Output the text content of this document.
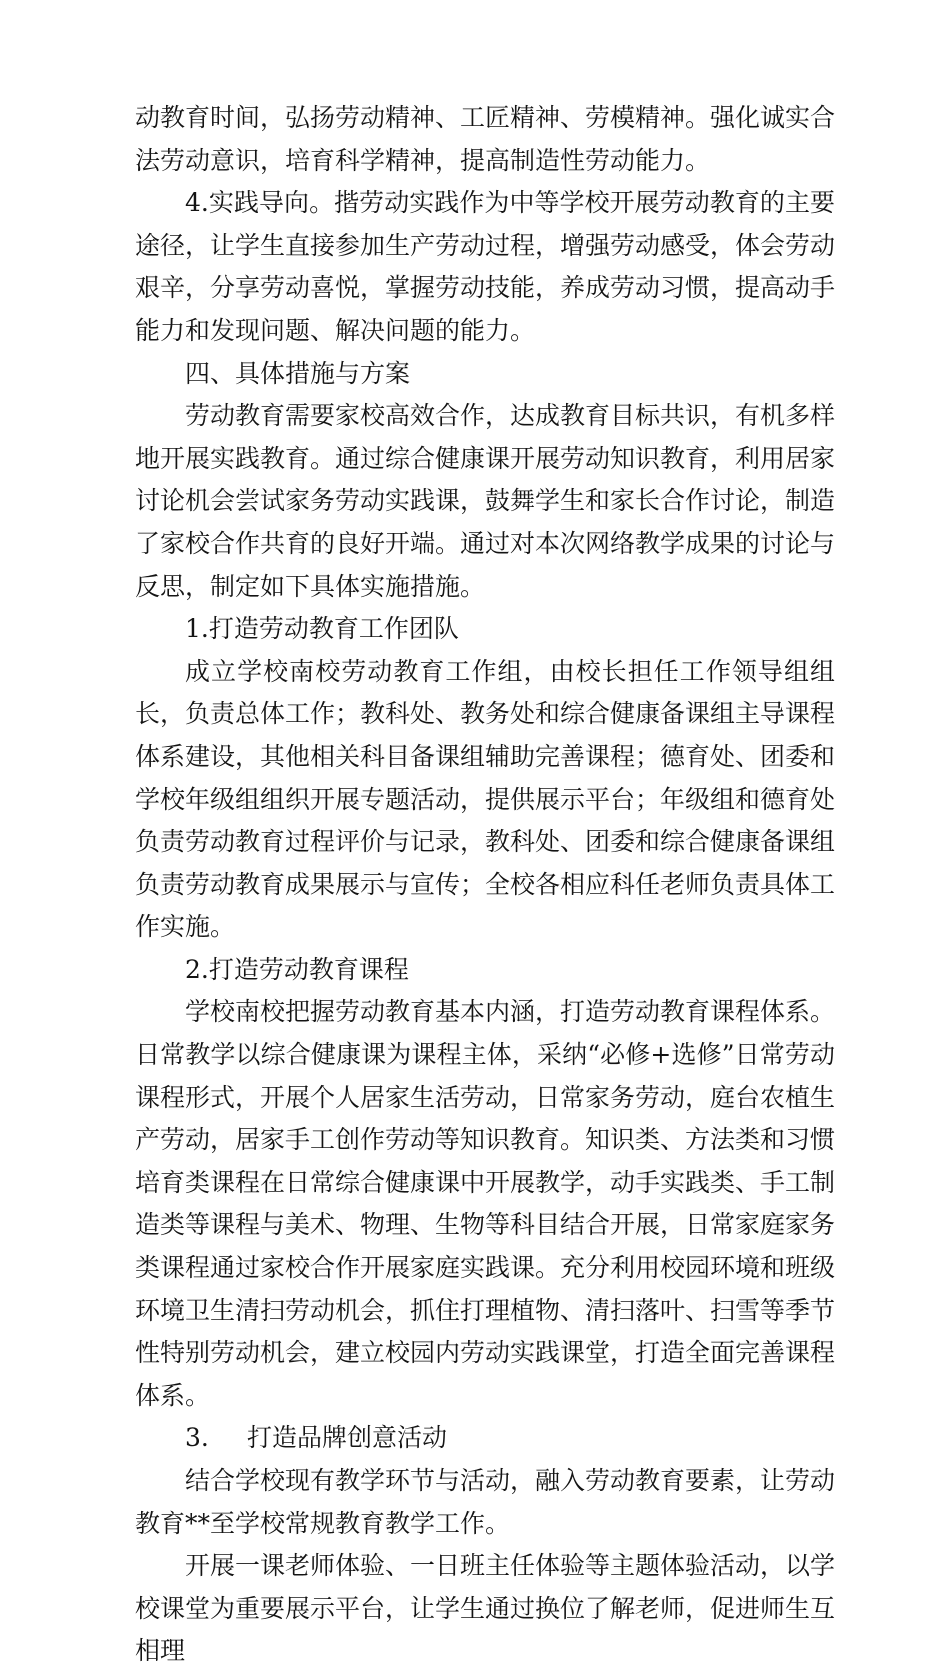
动教育时间，弘扬劳动精神、工匠精神、劳模精神。强化诚实合法劳动意识，培育科学精神，提高制造性劳动能力。

4.实践导向。揩劳动实践作为中等学校开展劳动教育的主要途径，让学生直接参加生产劳动过程，增强劳动感受，体会劳动艰辛，分享劳动喜悦，掌握劳动技能，养成劳动习惯，提高动手能力和发现问题、解决问题的能力。

四、具体措施与方案

劳动教育需要家校高效合作，达成教育目标共识，有机多样地开展实践教育。通过综合健康课开展劳动知识教育，利用居家讨论机会尝试家务劳动实践课，鼓舞学生和家长合作讨论，制造了家校合作共育的良好开端。通过对本次网络教学成果的讨论与反思，制定如下具体实施措施。

1.打造劳动教育工作团队

成立学校南校劳动教育工作组，由校长担任工作领导组组长，负责总体工作；教科处、教务处和综合健康备课组主导课程体系建设，其他相关科目备课组辅助完善课程；德育处、团委和学校年级组组织开展专题活动，提供展示平台；年级组和德育处负责劳动教育过程评价与记录，教科处、团委和综合健康备课组负责劳动教育成果展示与宣传；全校各相应科任老师负责具体工作实施。

2.打造劳动教育课程

学校南校把握劳动教育基本内涵，打造劳动教育课程体系。日常教学以综合健康课为课程主体，采纳“必修+选修”日常劳动课程形式，开展个人居家生活劳动，日常家务劳动，庭台农植生产劳动，居家手工创作劳动等知识教育。知识类、方法类和习惯培育类课程在日常综合健康课中开展教学，动手实践类、手工制造类等课程与美术、物理、生物等科目结合开展，日常家庭家务类课程通过家校合作开展家庭实践课。充分利用校园环境和班级环境卫生清扫劳动机会，抓住打理植物、清扫落叶、扫雪等季节性特别劳动机会，建立校园内劳动实践课堂，打造全面完善课程体系。

3. 打造品牌创意活动

结合学校现有教学环节与活动，融入劳动教育要素，让劳动教育**至学校常规教育教学工作。

开展一课老师体验、一日班主任体验等主题体验活动，以学校课堂为重要展示平台，让学生通过换位了解老师，促进师生互相理
